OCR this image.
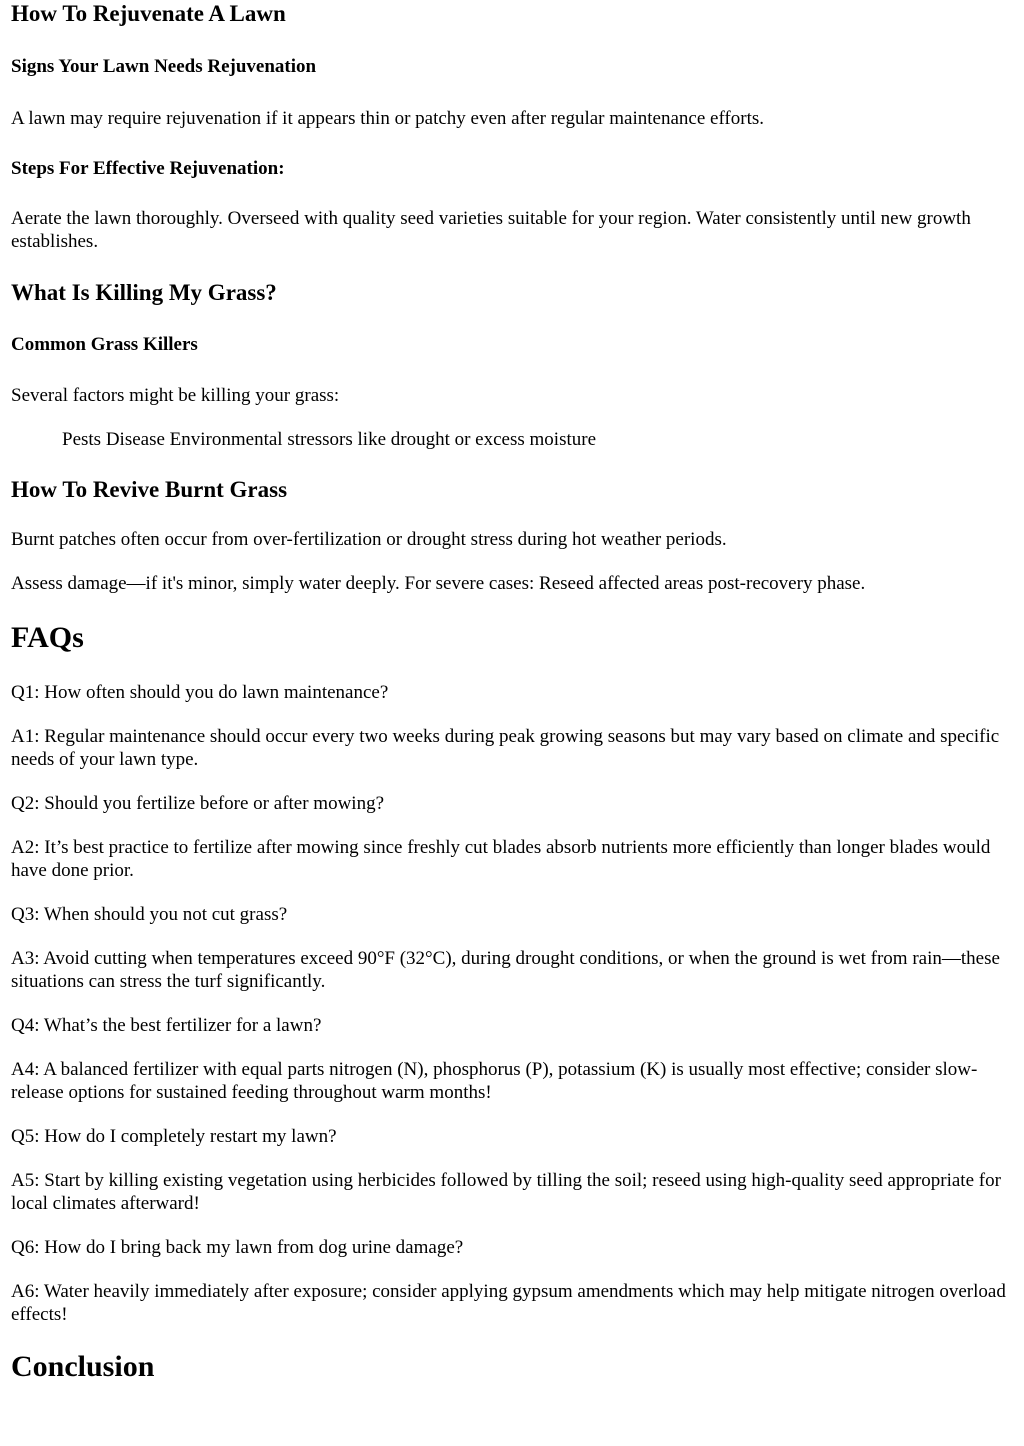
How To Rejuvenate A Lawn
Signs Your Lawn Needs Rejuvenation

A lawn may require rejuvenation if it appears thin or patchy even after regular maintenance efforts.

Steps For Effective Rejuvenation:

Aerate the lawn thoroughly. Overseed with quality seed varieties suitable for your region. Water consistently until new growth establishes.

What Is Killing My Grass?
Common Grass Killers

Several factors might be killing your grass:

Pests Disease Environmental stressors like drought or excess moisture

How To Revive Burnt Grass

Burnt patches often occur from over-fertilization or drought stress during hot weather periods.

Assess damage—if it's minor, simply water deeply. For severe cases: Reseed affected areas post-recovery phase.

FAQs

Q1: How often should you do lawn maintenance?

A1: Regular maintenance should occur every two weeks during peak growing seasons but may vary based on climate and specific needs of your lawn type.

Q2: Should you fertilize before or after mowing?

A2: It’s best practice to fertilize after mowing since freshly cut blades absorb nutrients more efficiently than longer blades would have done prior.

Q3: When should you not cut grass?

A3: Avoid cutting when temperatures exceed 90°F (32°C), during drought conditions, or when the ground is wet from rain—these situations can stress the turf significantly.

Q4: What’s the best fertilizer for a lawn?

A4: A balanced fertilizer with equal parts nitrogen (N), phosphorus (P), potassium (K) is usually most effective; consider slow-release options for sustained feeding throughout warm months!

Q5: How do I completely restart my lawn?

A5: Start by killing existing vegetation using herbicides followed by tilling the soil; reseed using high-quality seed appropriate for local climates afterward!

Q6: How do I bring back my lawn from dog urine damage?

A6: Water heavily immediately after exposure; consider applying gypsum amendments which may help mitigate nitrogen overload effects!

Conclusion
